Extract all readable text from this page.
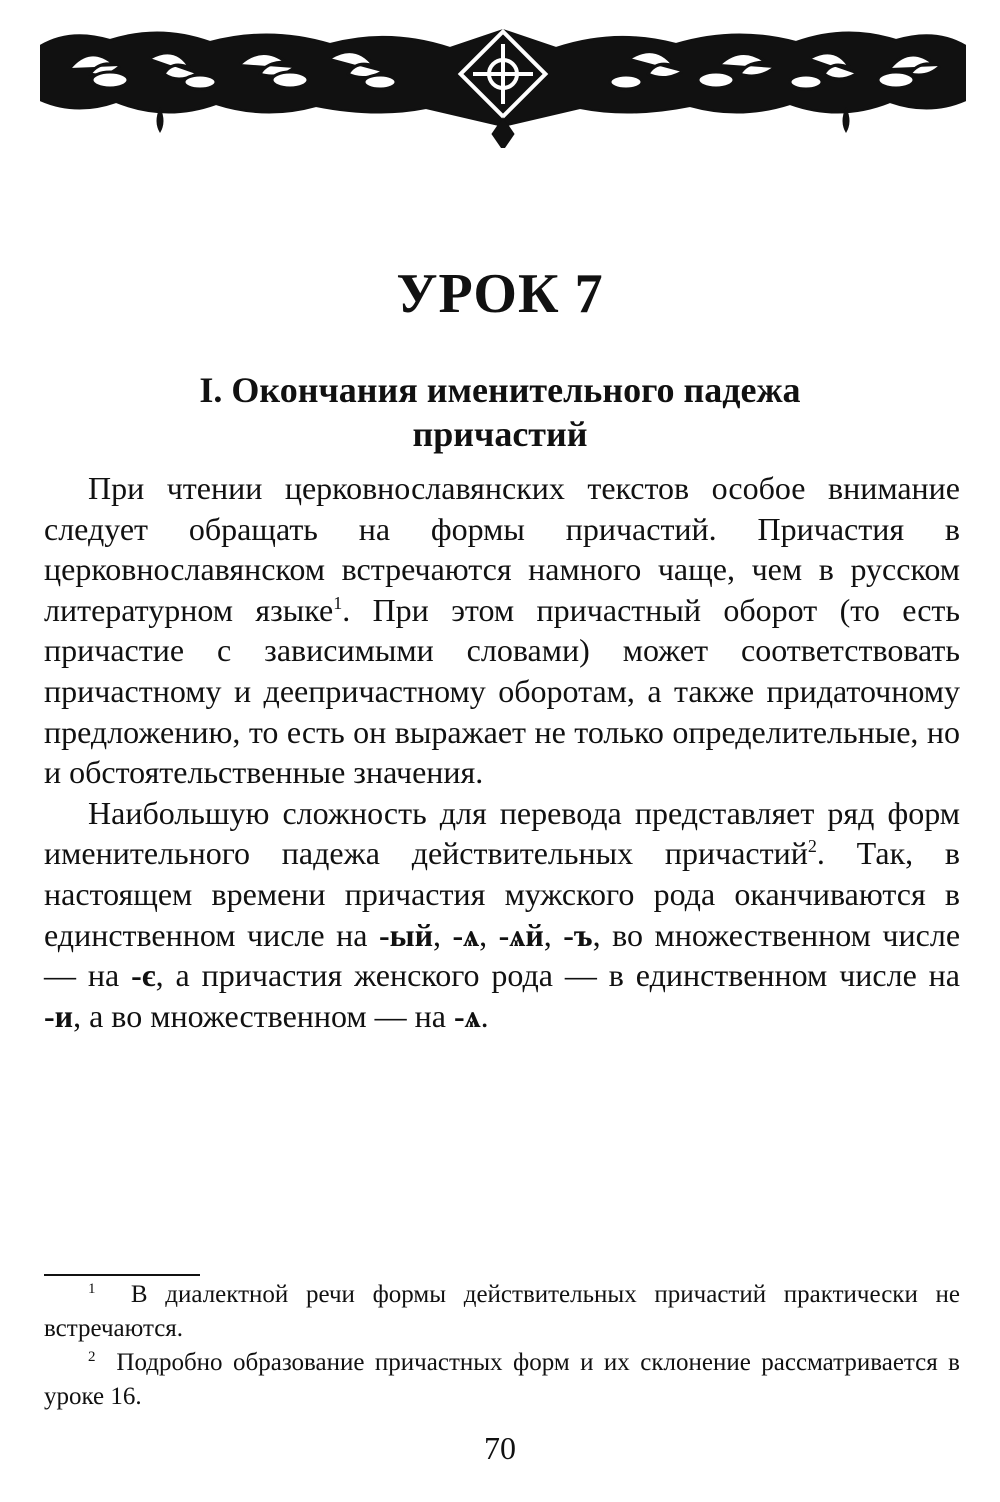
УРОК 7
I. Окончания именительного падежа
причастий

При чтении церковнославянских текстов особое внимание следует обращать на формы причастий. Причастия в церковнославянском встречаются намного чаще, чем в русском литературном языке$^1$. При этом причастный оборот (то есть причастие с зависимыми словами) может соответствовать причастному и деепричастному оборотам, а также придаточному предложению, то есть он выражает не только определительные, но и обстоятельственные значения.

Наибольшую сложность для перевода представляет ряд форм именительного падежа действительных причастий$^2$. Так, в настоящем времени причастия мужского рода оканчиваются в единственном числе на -ый, -ѧ, -ѧй, -ъ, во множественном числе — на -є, а причастия женского рода — в единственном числе на -и, а во множественном — на -ѧ.

$^1$ В диалектной речи формы действительных причастий практически не встречаются.

$^2$ Подробно образование причастных форм и их склонение рассматривается в уроке 16.

70
